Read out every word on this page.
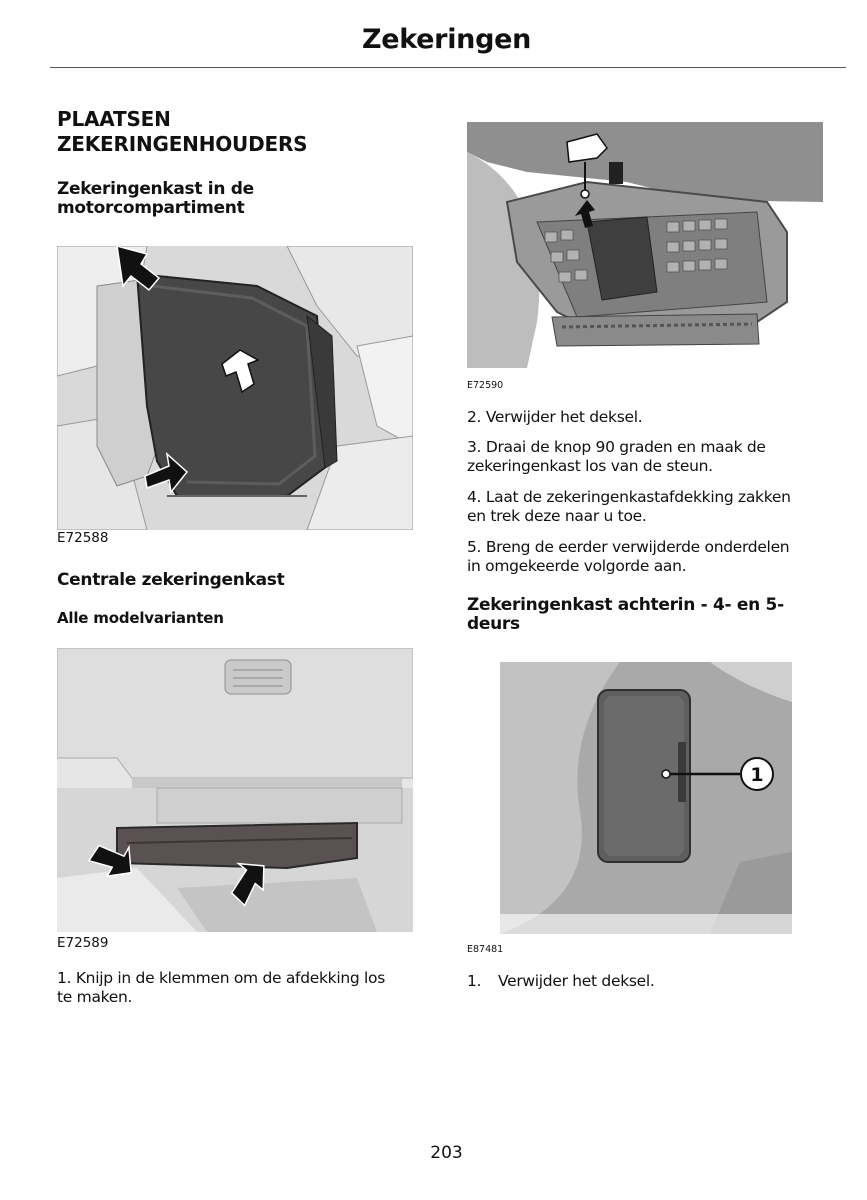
Zekeringen
PLAATSEN
ZEKERINGENHOUDERS
Zekeringenkast in de
motorcompartiment
E72588
Centrale zekeringenkast
Alle modelvarianten
E72589
1. Knijp in de klemmen om de afdekking los
te maken.
E72590
2. Verwijder het deksel.
3. Draai de knop 90 graden en maak de
zekeringenkast los van de steun.
4. Laat de zekeringenkastafdekking zakken
en trek deze naar u toe.
5. Breng de eerder verwijderde onderdelen
in omgekeerde volgorde aan.
Zekeringenkast achterin - 4- en 5-
deurs
1
E87481
1. Verwijder het deksel.
203
